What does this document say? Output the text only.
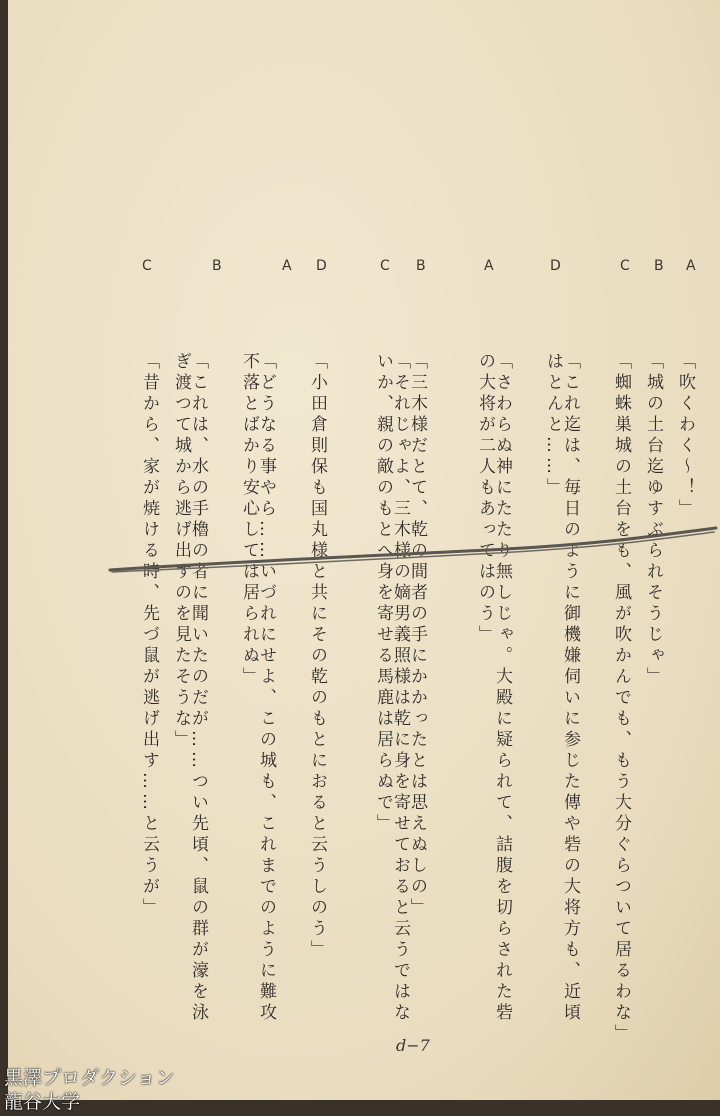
A
B
C
D
A
B
C
D
A
B
C
「吹くわく〜！」
「城の土台迄ゆすぶられそうじゃ」
「蜘蛛巣城の土台をも、風が吹かんでも、もう大分ぐらついて居るわな」
「これ迄は、毎日のように御機嫌伺いに参じた傳や砦の大将方も、近頃はとんと……」
「さわらぬ神にたたり無しじゃ。大殿に疑られて、詰腹を切らされた砦の大将が二人もあってはのう」
「三木様だとて、乾の間者の手にかかったとは思えぬしの」
「それじゃよ、三木様の嫡男義照様は乾に身を寄せておると云うではないか、親の敵のもとへ身を寄せる馬鹿は居らぬで」
「小田倉則保も国丸様と共にその乾のもとにおると云うしのう」
「どうなる事やら……いづれにせよ、この城も、これまでのように難攻不落とばかり安心しては居られぬ」
「これは、水の手櫓の者に聞いたのだが……つい先頃、鼠の群が濠を泳ぎ渡つて城から逃げ出すのを見たそうな」
「昔から、家が焼ける時、先づ鼠が逃げ出す……と云うが」
d−7
黒澤プロダクション
龍谷大学
